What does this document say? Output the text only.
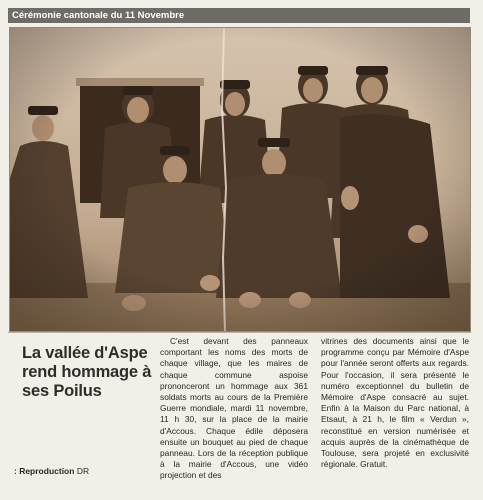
Cérémonie cantonale du 11 Novembre
La vallée d'Aspe rend hommage à ses Poilus

C'est devant des panneaux comportant les noms des morts de chaque village, que les maires de chaque commune aspoise prononceront un hommage aux 361 soldats morts au cours de la Première Guerre mondiale, mardi 11 novembre, 11 h 30, sur la place de la mairie d'Accous. Chaque édile déposera ensuite un bouquet au pied de chaque panneau. Lors de la réception publique à la mairie d'Accous, une vidéo projection et des

vitrines des documents ainsi que le programme conçu par Mémoire d'Aspe pour l'année seront offerts aux regards. Pour l'occasion, il sera présenté le numéro exceptionnel du bulletin de Mémoire d'Aspe consacré au sujet. Enfin à la Maison du Parc national, à Etsaut, à 21 h, le film « Verdun », reconstitué en version numérisée et acquis auprès de la cinémathèque de Toulouse, sera projeté en exclusivité régionale. Gratuit.

: Reproduction DR
